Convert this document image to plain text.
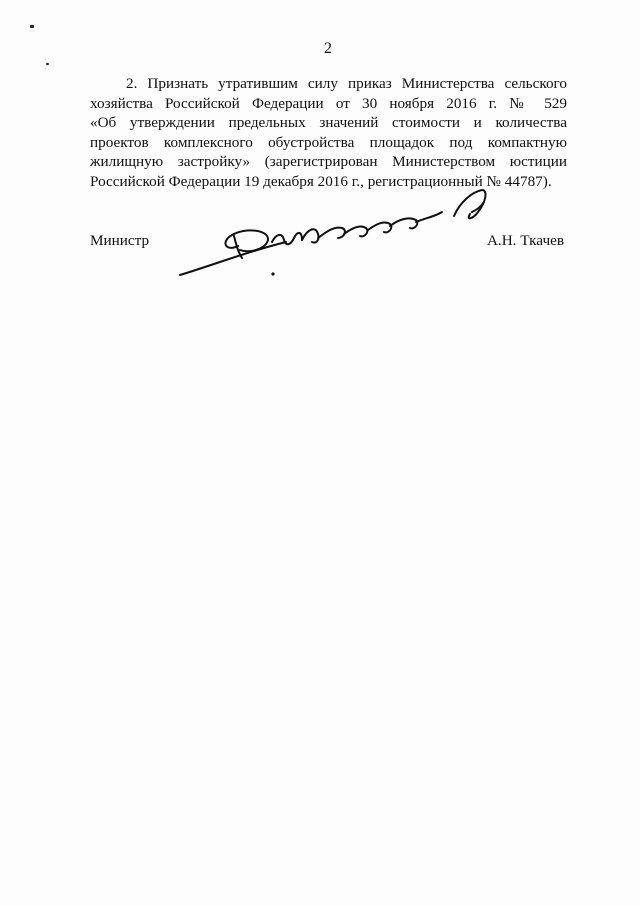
2
2. Признать утратившим силу приказ Министерства сельского
хозяйства Российской Федерации от 30 ноября 2016 г. № 529
«Об утверждении предельных значений стоимости и количества
проектов комплексного обустройства площадок под компактную
жилищную застройку» (зарегистрирован Министерством юстиции
Российской Федерации 19 декабря 2016 г., регистрационный № 44787).
Министр	А.Н. Ткачев
